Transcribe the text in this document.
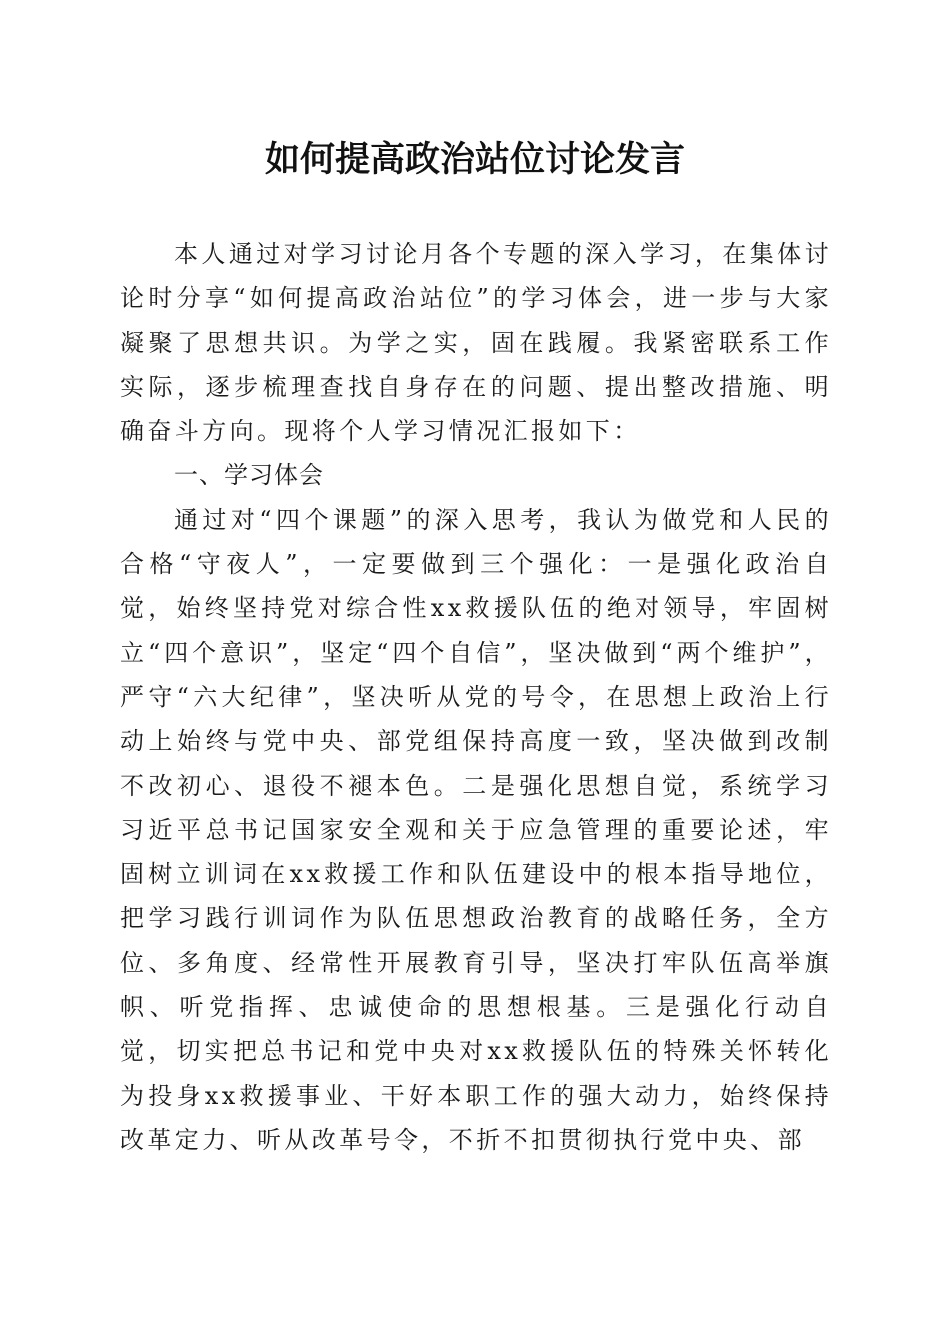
如何提高政治站位讨论发言

本人通过对学习讨论月各个专题的深入学习，在集体讨论时分享“如何提高政治站位”的学习体会，进一步与大家凝聚了思想共识。为学之实，固在践履。我紧密联系工作实际，逐步梳理查找自身存在的问题、提出整改措施、明确奋斗方向。现将个人学习情况汇报如下：

一、学习体会

通过对“四个课题”的深入思考，我认为做党和人民的合格“守夜人”，一定要做到三个强化：一是强化政治自觉，始终坚持党对综合性xx救援队伍的绝对领导，牢固树立“四个意识”，坚定“四个自信”，坚决做到“两个维护”，严守“六大纪律”，坚决听从党的号令，在思想上政治上行动上始终与党中央、部党组保持高度一致，坚决做到改制不改初心、退役不褪本色。二是强化思想自觉，系统学习习近平总书记国家安全观和关于应急管理的重要论述，牢固树立训词在xx救援工作和队伍建设中的根本指导地位，把学习践行训词作为队伍思想政治教育的战略任务，全方位、多角度、经常性开展教育引导，坚决打牢队伍高举旗帜、听党指挥、忠诚使命的思想根基。三是强化行动自觉，切实把总书记和党中央对xx救援队伍的特殊关怀转化为投身xx救援事业、干好本职工作的强大动力，始终保持改革定力、听从改革号令，不折不扣贯彻执行党中央、部
